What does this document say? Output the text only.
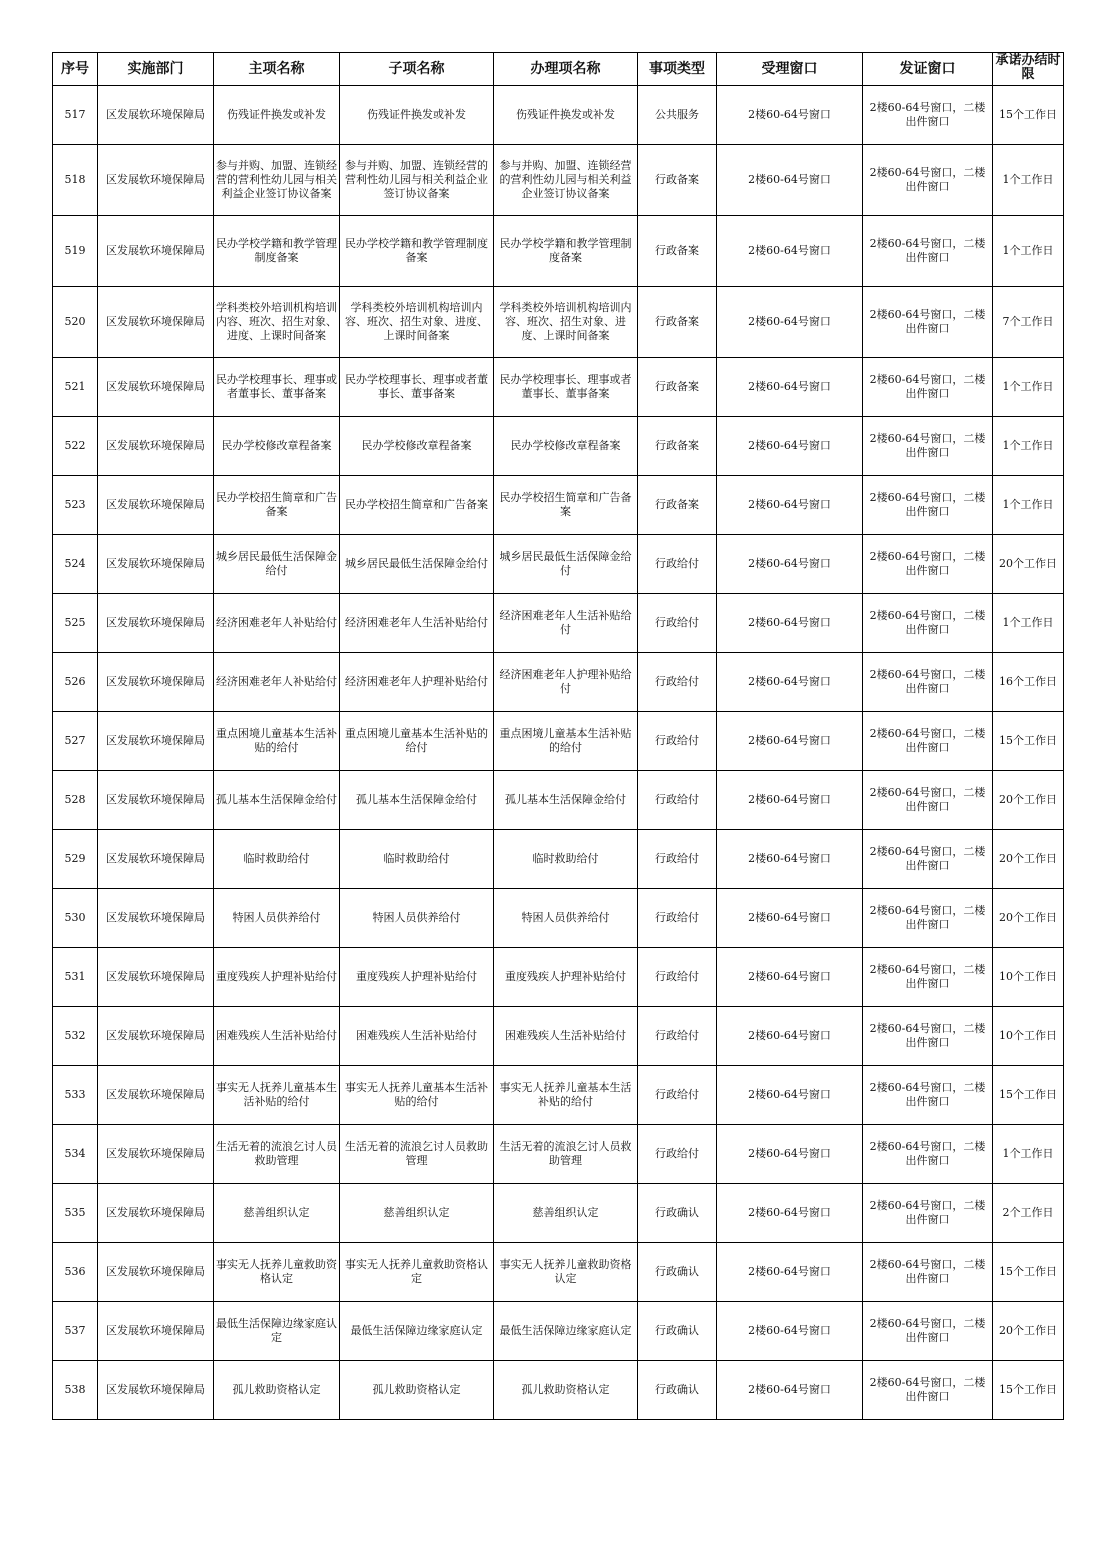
序号	实施部门	主项名称	子项名称	办理项名称	事项类型	受理窗口	发证窗口	承诺办结时限
517	区发展软环境保障局	伤残证件换发或补发	伤残证件换发或补发	伤残证件换发或补发	公共服务	2楼60-64号窗口	2楼60-64号窗口，二楼出件窗口	15个工作日
518	区发展软环境保障局	参与并购、加盟、连锁经营的营利性幼儿园与相关利益企业签订协议备案	参与并购、加盟、连锁经营的营利性幼儿园与相关利益企业签订协议备案	参与并购、加盟、连锁经营的营利性幼儿园与相关利益企业签订协议备案	行政备案	2楼60-64号窗口	2楼60-64号窗口，二楼出件窗口	1个工作日
519	区发展软环境保障局	民办学校学籍和教学管理制度备案	民办学校学籍和教学管理制度备案	民办学校学籍和教学管理制度备案	行政备案	2楼60-64号窗口	2楼60-64号窗口，二楼出件窗口	1个工作日
520	区发展软环境保障局	学科类校外培训机构培训内容、班次、招生对象、进度、上课时间备案	学科类校外培训机构培训内容、班次、招生对象、进度、上课时间备案	学科类校外培训机构培训内容、班次、招生对象、进度、上课时间备案	行政备案	2楼60-64号窗口	2楼60-64号窗口，二楼出件窗口	7个工作日
521	区发展软环境保障局	民办学校理事长、理事或者董事长、董事备案	民办学校理事长、理事或者董事长、董事备案	民办学校理事长、理事或者董事长、董事备案	行政备案	2楼60-64号窗口	2楼60-64号窗口，二楼出件窗口	1个工作日
522	区发展软环境保障局	民办学校修改章程备案	民办学校修改章程备案	民办学校修改章程备案	行政备案	2楼60-64号窗口	2楼60-64号窗口，二楼出件窗口	1个工作日
523	区发展软环境保障局	民办学校招生简章和广告备案	民办学校招生简章和广告备案	民办学校招生简章和广告备案	行政备案	2楼60-64号窗口	2楼60-64号窗口，二楼出件窗口	1个工作日
524	区发展软环境保障局	城乡居民最低生活保障金给付	城乡居民最低生活保障金给付	城乡居民最低生活保障金给付	行政给付	2楼60-64号窗口	2楼60-64号窗口，二楼出件窗口	20个工作日
525	区发展软环境保障局	经济困难老年人补贴给付	经济困难老年人生活补贴给付	经济困难老年人生活补贴给付	行政给付	2楼60-64号窗口	2楼60-64号窗口，二楼出件窗口	1个工作日
526	区发展软环境保障局	经济困难老年人补贴给付	经济困难老年人护理补贴给付	经济困难老年人护理补贴给付	行政给付	2楼60-64号窗口	2楼60-64号窗口，二楼出件窗口	16个工作日
527	区发展软环境保障局	重点困境儿童基本生活补贴的给付	重点困境儿童基本生活补贴的给付	重点困境儿童基本生活补贴的给付	行政给付	2楼60-64号窗口	2楼60-64号窗口，二楼出件窗口	15个工作日
528	区发展软环境保障局	孤儿基本生活保障金给付	孤儿基本生活保障金给付	孤儿基本生活保障金给付	行政给付	2楼60-64号窗口	2楼60-64号窗口，二楼出件窗口	20个工作日
529	区发展软环境保障局	临时救助给付	临时救助给付	临时救助给付	行政给付	2楼60-64号窗口	2楼60-64号窗口，二楼出件窗口	20个工作日
530	区发展软环境保障局	特困人员供养给付	特困人员供养给付	特困人员供养给付	行政给付	2楼60-64号窗口	2楼60-64号窗口，二楼出件窗口	20个工作日
531	区发展软环境保障局	重度残疾人护理补贴给付	重度残疾人护理补贴给付	重度残疾人护理补贴给付	行政给付	2楼60-64号窗口	2楼60-64号窗口，二楼出件窗口	10个工作日
532	区发展软环境保障局	困难残疾人生活补贴给付	困难残疾人生活补贴给付	困难残疾人生活补贴给付	行政给付	2楼60-64号窗口	2楼60-64号窗口，二楼出件窗口	10个工作日
533	区发展软环境保障局	事实无人抚养儿童基本生活补贴的给付	事实无人抚养儿童基本生活补贴的给付	事实无人抚养儿童基本生活补贴的给付	行政给付	2楼60-64号窗口	2楼60-64号窗口，二楼出件窗口	15个工作日
534	区发展软环境保障局	生活无着的流浪乞讨人员救助管理	生活无着的流浪乞讨人员救助管理	生活无着的流浪乞讨人员救助管理	行政给付	2楼60-64号窗口	2楼60-64号窗口，二楼出件窗口	1个工作日
535	区发展软环境保障局	慈善组织认定	慈善组织认定	慈善组织认定	行政确认	2楼60-64号窗口	2楼60-64号窗口，二楼出件窗口	2个工作日
536	区发展软环境保障局	事实无人抚养儿童救助资格认定	事实无人抚养儿童救助资格认定	事实无人抚养儿童救助资格认定	行政确认	2楼60-64号窗口	2楼60-64号窗口，二楼出件窗口	15个工作日
537	区发展软环境保障局	最低生活保障边缘家庭认定	最低生活保障边缘家庭认定	最低生活保障边缘家庭认定	行政确认	2楼60-64号窗口	2楼60-64号窗口，二楼出件窗口	20个工作日
538	区发展软环境保障局	孤儿救助资格认定	孤儿救助资格认定	孤儿救助资格认定	行政确认	2楼60-64号窗口	2楼60-64号窗口，二楼出件窗口	15个工作日
